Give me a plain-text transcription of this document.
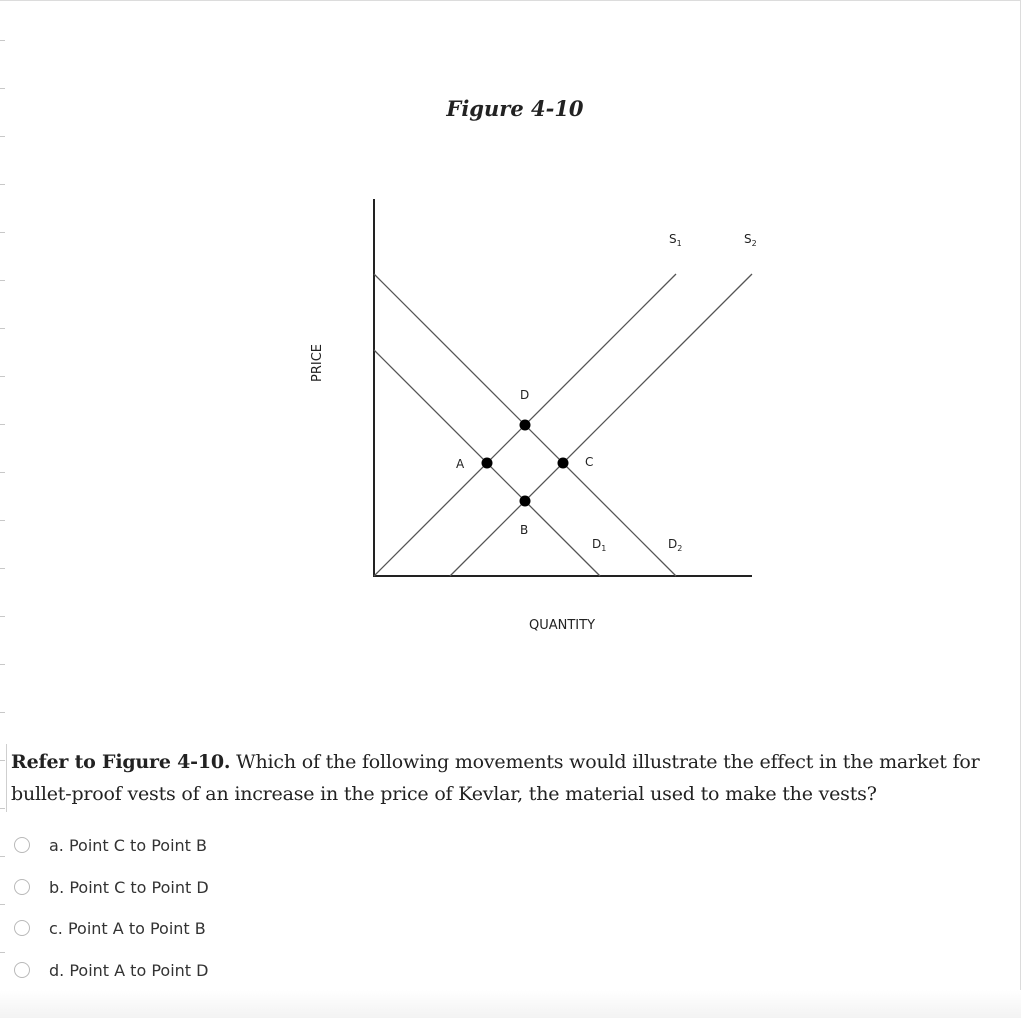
Figure 4-10
A
B
C
D
$S_1$	$S_2$
$D_1$	$D_2$
PRICE
QUANTITY
Refer to Figure 4-10. Which of the following movements would illustrate the effect in the market for bullet-proof vests of an increase in the price of Kevlar, the material used to make the vests?
a. Point C to Point B
b. Point C to Point D
c. Point A to Point B
d. Point A to Point D
